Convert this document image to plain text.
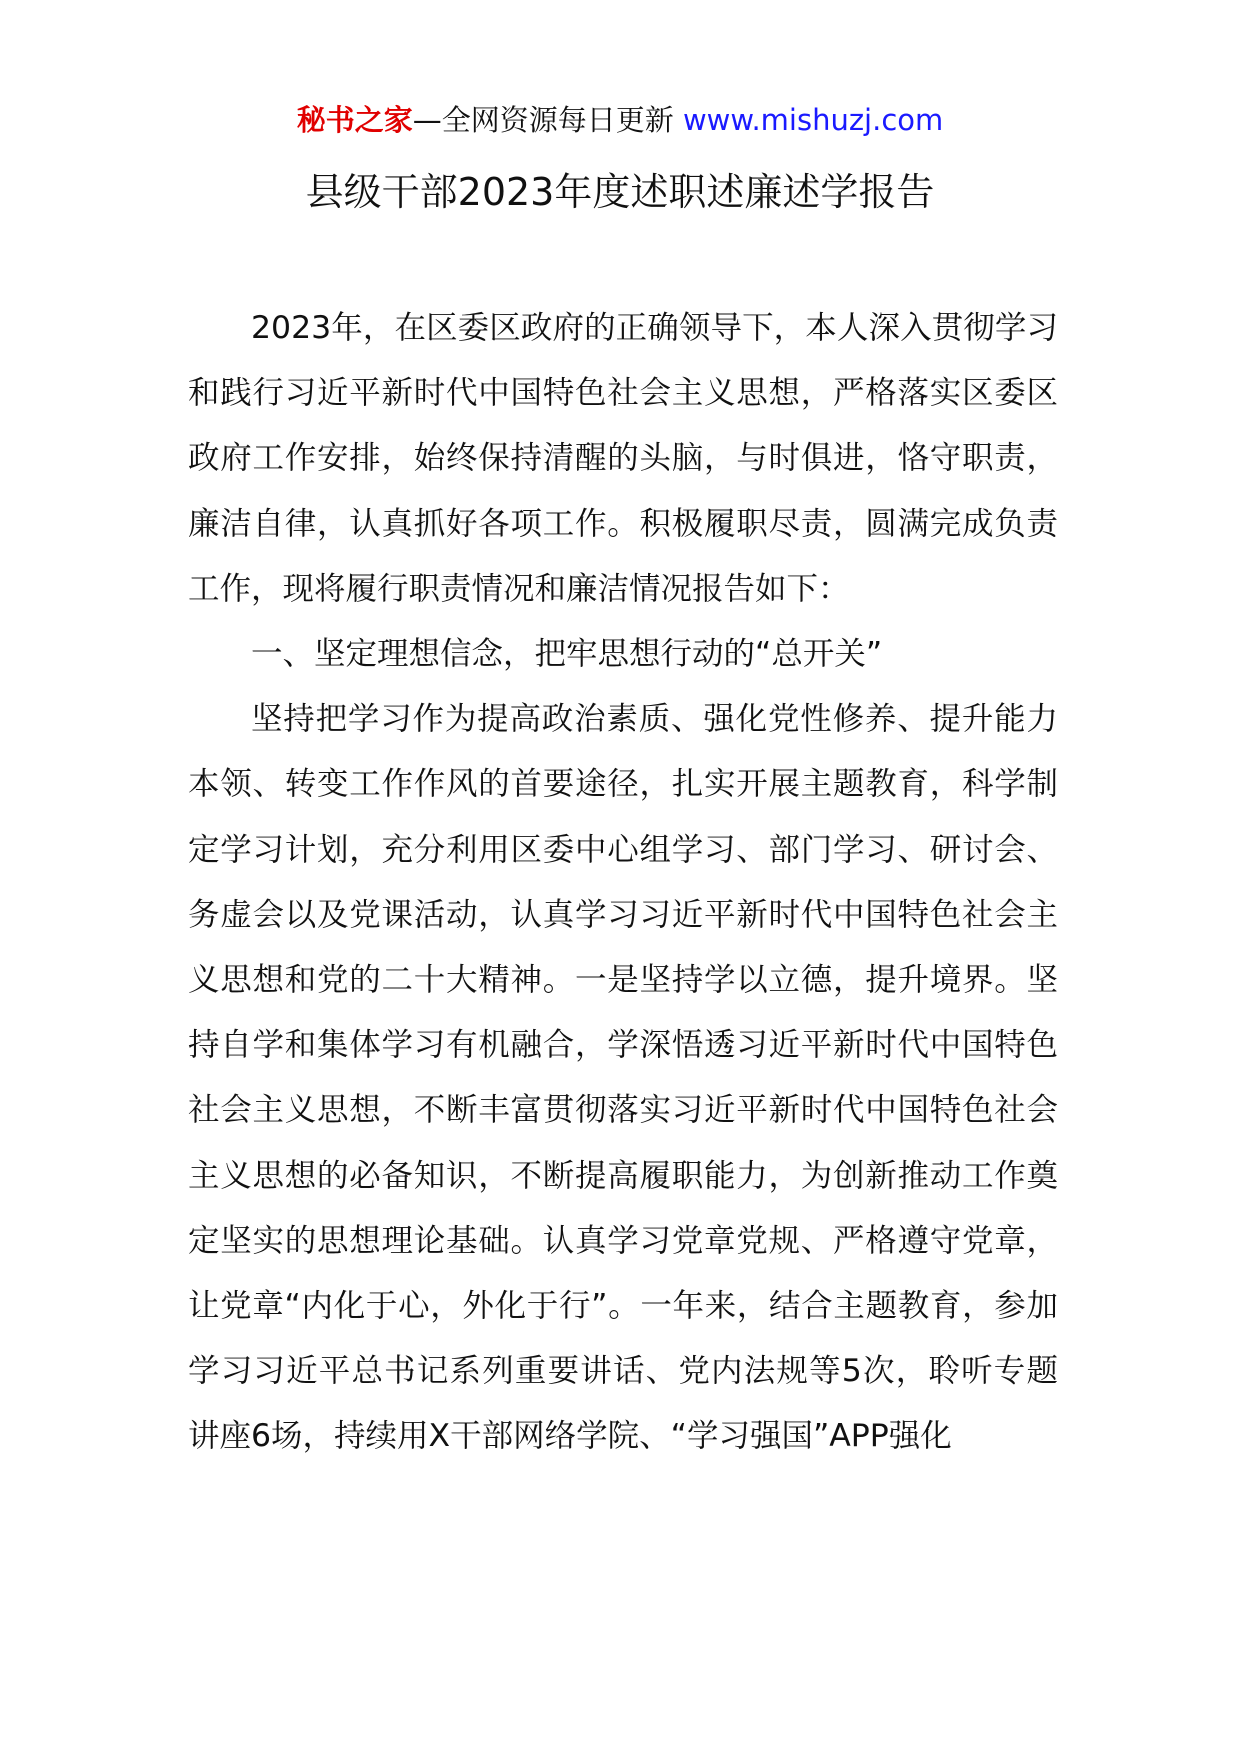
秘书之家—全网资源每日更新 www.mishuzj.com
县级干部2023年度述职述廉述学报告

2023年，在区委区政府的正确领导下，本人深入贯彻学习和践行习近平新时代中国特色社会主义思想，严格落实区委区政府工作安排，始终保持清醒的头脑，与时俱进，恪守职责，廉洁自律，认真抓好各项工作。积极履职尽责，圆满完成负责工作，现将履行职责情况和廉洁情况报告如下：

一、坚定理想信念，把牢思想行动的“总开关”

坚持把学习作为提高政治素质、强化党性修养、提升能力本领、转变工作作风的首要途径，扎实开展主题教育，科学制定学习计划，充分利用区委中心组学习、部门学习、研讨会、务虚会以及党课活动，认真学习习近平新时代中国特色社会主义思想和党的二十大精神。一是坚持学以立德，提升境界。坚持自学和集体学习有机融合，学深悟透习近平新时代中国特色社会主义思想，不断丰富贯彻落实习近平新时代中国特色社会主义思想的必备知识，不断提高履职能力，为创新推动工作奠定坚实的思想理论基础。认真学习党章党规、严格遵守党章，让党章“内化于心，外化于行”。一年来，结合主题教育，参加学习习近平总书记系列重要讲话、党内法规等5次，聆听专题讲座6场，持续用X干部网络学院、“学习强国”APP强化
